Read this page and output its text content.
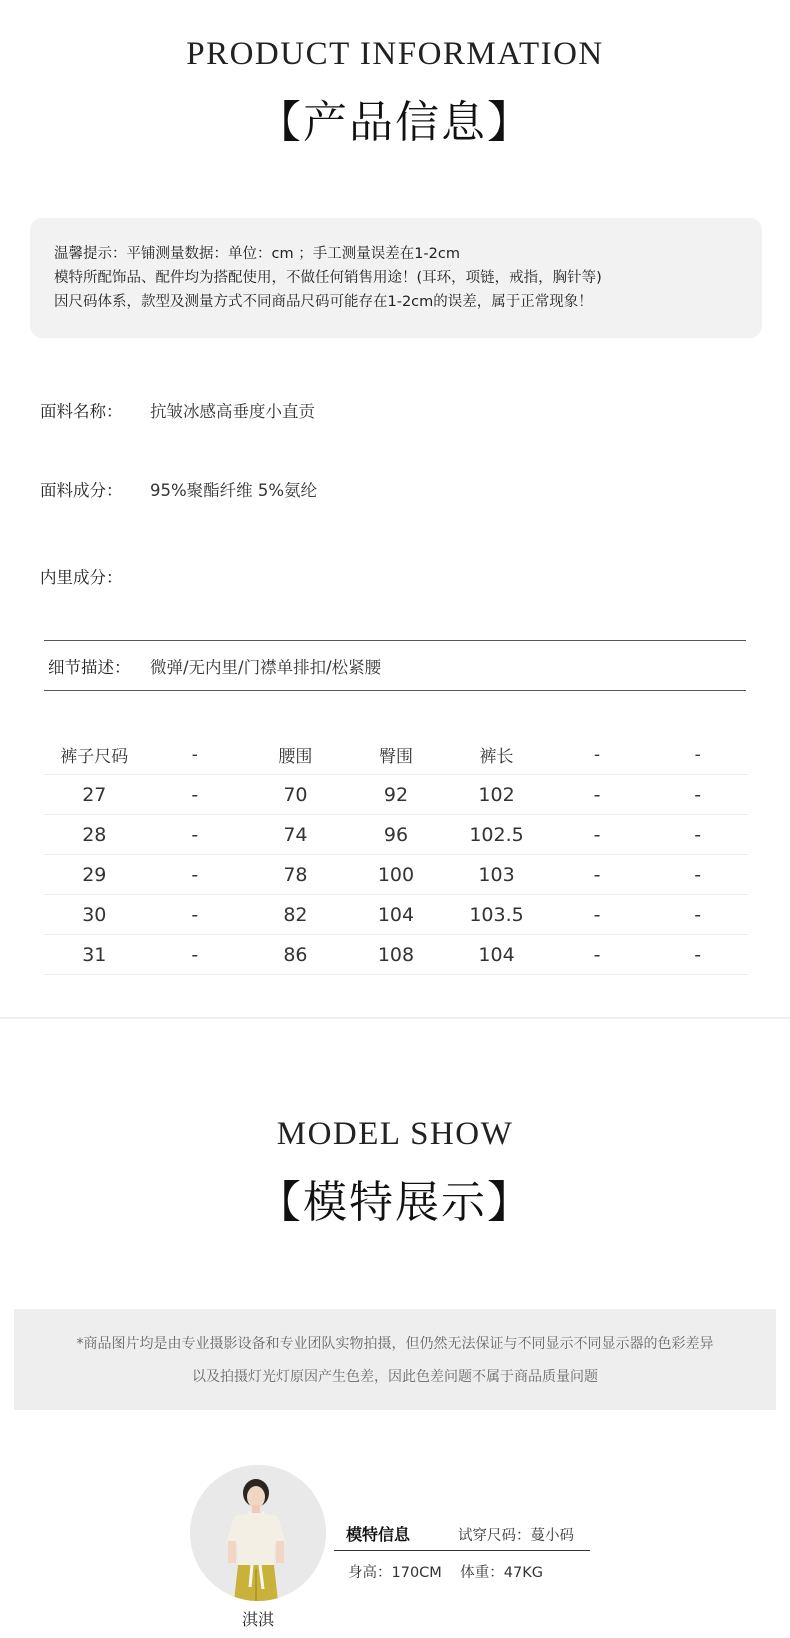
PRODUCT INFORMATION
【产品信息】

温馨提示：平铺测量数据：单位：cm ；手工测量误差在1-2cm

模特所配饰品、配件均为搭配使用，不做任何销售用途！(耳环，项链，戒指，胸针等)

因尺码体系，款型及测量方式不同商品尺码可能存在1-2cm的误差，属于正常现象！

面料名称： 抗皱冰感高垂度小直贡
面料成分： 95%聚酯纤维 5%氨纶
内里成分：
细节描述： 微弹/无内里/门襟单排扣/松紧腰
裤子尺码	-	腰围	臀围	裤长	-	-
27	-	70	92	102	-	-
28	-	74	96	102.5	-	-
29	-	78	100	103	-	-
30	-	82	104	103.5	-	-
31	-	86	108	104	-	-
MODEL SHOW
【模特展示】

*商品图片均是由专业摄影设备和专业团队实物拍摄，但仍然无法保证与不同显示不同显示器的色彩差异

以及拍摄灯光灯原因产生色差，因此色差问题不属于商品质量问题

淇淇
模特信息	试穿尺码：蔓小码
身高：170CM    体重：47KG
